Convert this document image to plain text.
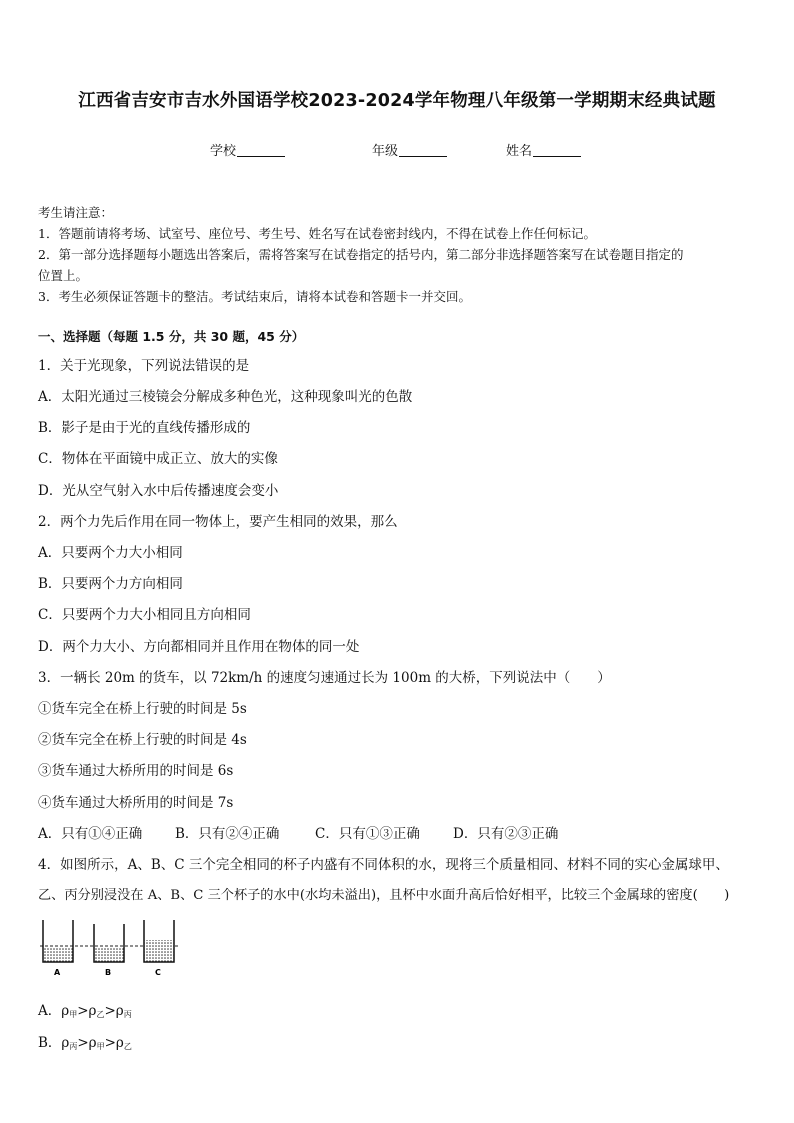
江西省吉安市吉水外国语学校2023-2024学年物理八年级第一学期期末经典试题
学校	年级	姓名
考生请注意：
1．答题前请将考场、试室号、座位号、考生号、姓名写在试卷密封线内，不得在试卷上作任何标记。
2．第一部分选择题每小题选出答案后，需将答案写在试卷指定的括号内，第二部分非选择题答案写在试卷题目指定的
位置上。
3．考生必须保证答题卡的整洁。考试结束后，请将本试卷和答题卡一并交回。
一、选择题（每题 1.5 分，共 30 题，45 分）
1．关于光现象，下列说法错误的是
A．太阳光通过三棱镜会分解成多种色光，这种现象叫光的色散
B．影子是由于光的直线传播形成的
C．物体在平面镜中成正立、放大的实像
D．光从空气射入水中后传播速度会变小
2．两个力先后作用在同一物体上，要产生相同的效果，那么
A．只要两个力大小相同
B．只要两个力方向相同
C．只要两个力大小相同且方向相同
D．两个力大小、方向都相同并且作用在物体的同一处
3．一辆长 20m 的货车，以 72km/h 的速度匀速通过长为 100m 的大桥，下列说法中（　　）
①货车完全在桥上行驶的时间是 5s
②货车完全在桥上行驶的时间是 4s
③货车通过大桥所用的时间是 6s
④货车通过大桥所用的时间是 7s
A．只有①④正确 B．只有②④正确	C．只有①③正确 D．只有②③正确
4．如图所示，A、B、C 三个完全相同的杯子内盛有不同体积的水，现将三个质量相同、材料不同的实心金属球甲、
乙、丙分别浸没在 A、B、C 三个杯子的水中(水均未溢出)，且杯中水面升高后恰好相平，比较三个金属球的密度(　　)
A	B	C
A．$\rho_甲>\rho_乙>\rho_丙$
B．$\rho_丙>\rho_甲>\rho_乙$
